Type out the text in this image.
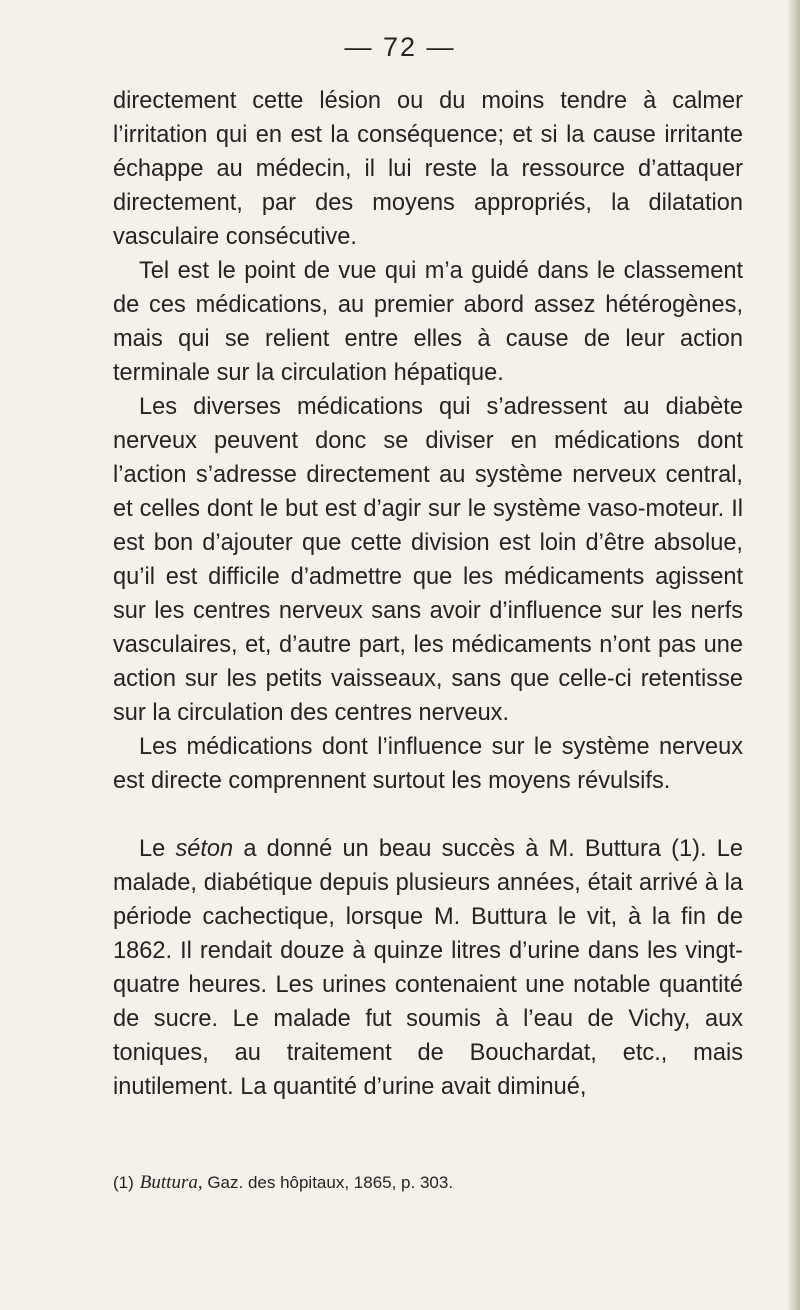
— 72 —

directement cette lésion ou du moins tendre à calmer l’irritation qui en est la conséquence; et si la cause irritante échappe au médecin, il lui reste la ressource d’attaquer directement, par des moyens appropriés, la dilatation vasculaire consécutive.

Tel est le point de vue qui m’a guidé dans le classement de ces médications, au premier abord assez hétérogènes, mais qui se relient entre elles à cause de leur action terminale sur la circulation hépatique.

Les diverses médications qui s’adressent au diabète nerveux peuvent donc se diviser en médications dont l’action s’adresse directement au système nerveux central, et celles dont le but est d’agir sur le système vaso-moteur. Il est bon d’ajouter que cette division est loin d’être absolue, qu’il est difficile d’admettre que les médicaments agissent sur les centres nerveux sans avoir d’influence sur les nerfs vasculaires, et, d’autre part, les médicaments n’ont pas une action sur les petits vaisseaux, sans que celle-ci retentisse sur la circulation des centres nerveux.

Les médications dont l’influence sur le système nerveux est directe comprennent surtout les moyens révulsifs.

Le séton a donné un beau succès à M. Buttura (1). Le malade, diabétique depuis plusieurs années, était arrivé à la période cachectique, lorsque M. Buttura le vit, à la fin de 1862. Il rendait douze à quinze litres d’urine dans les vingt-quatre heures. Les urines contenaient une notable quantité de sucre. Le malade fut soumis à l’eau de Vichy, aux toniques, au traitement de Bouchardat, etc., mais inutilement. La quantité d’urine avait diminué,

(1) Buttura, Gaz. des hôpitaux, 1865, p. 303.
